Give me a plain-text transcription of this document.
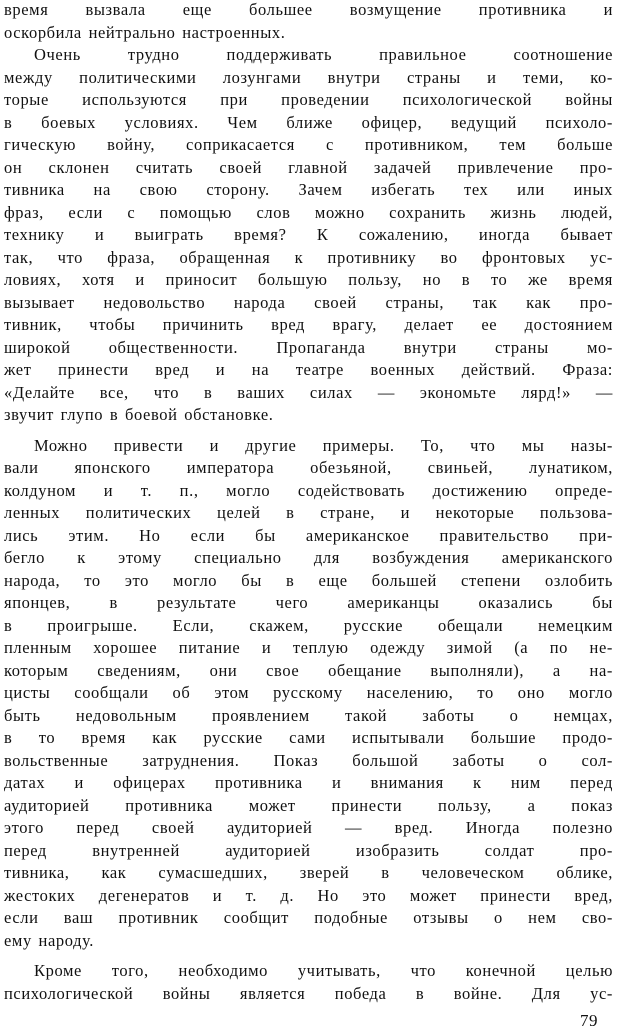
время вызвала еще большее возмущение противника и
оскорбила нейтрально настроенных.
Очень трудно поддерживать правильное соотношение
между политическими лозунгами внутри страны и теми, ко-
торые используются при проведении психологической войны
в боевых условиях. Чем ближе офицер, ведущий психоло-
гическую войну, соприкасается с противником, тем больше
он склонен считать своей главной задачей привлечение про-
тивника на свою сторону. Зачем избегать тех или иных
фраз, если с помощью слов можно сохранить жизнь людей,
технику и выиграть время? К сожалению, иногда бывает
так, что фраза, обращенная к противнику во фронтовых ус-
ловиях, хотя и приносит большую пользу, но в то же время
вызывает недовольство народа своей страны, так как про-
тивник, чтобы причинить вред врагу, делает ее достоянием
широкой общественности. Пропаганда внутри страны мо-
жет принести вред и на театре военных действий. Фраза:
«Делайте все, что в ваших силах — экономьте лярд!» —
звучит глупо в боевой обстановке.
Можно привести и другие примеры. То, что мы назы-
вали японского императора обезьяной, свиньей, лунатиком,
колдуном и т. п., могло содействовать достижению опреде-
ленных политических целей в стране, и некоторые пользова-
лись этим. Но если бы американское правительство при-
бегло к этому специально для возбуждения американского
народа, то это могло бы в еще большей степени озлобить
японцев, в результате чего американцы оказались бы
в проигрыше. Если, скажем, русские обещали немецким
пленным хорошее питание и теплую одежду зимой (а по не-
которым сведениям, они свое обещание выполняли), а на-
цисты сообщали об этом русскому населению, то оно могло
быть недовольным проявлением такой заботы о немцах,
в то время как русские сами испытывали большие продо-
вольственные затруднения. Показ большой заботы о сол-
датах и офицерах противника и внимания к ним перед
аудиторией противника может принести пользу, а показ
этого перед своей аудиторией — вред. Иногда полезно
перед внутренней аудиторией изобразить солдат про-
тивника, как сумасшедших, зверей в человеческом облике,
жестоких дегенератов и т. д. Но это может принести вред,
если ваш противник сообщит подобные отзывы о нем сво-
ему народу.
Кроме того, необходимо учитывать, что конечной целью
психологической войны является победа в войне. Для ус-
79
